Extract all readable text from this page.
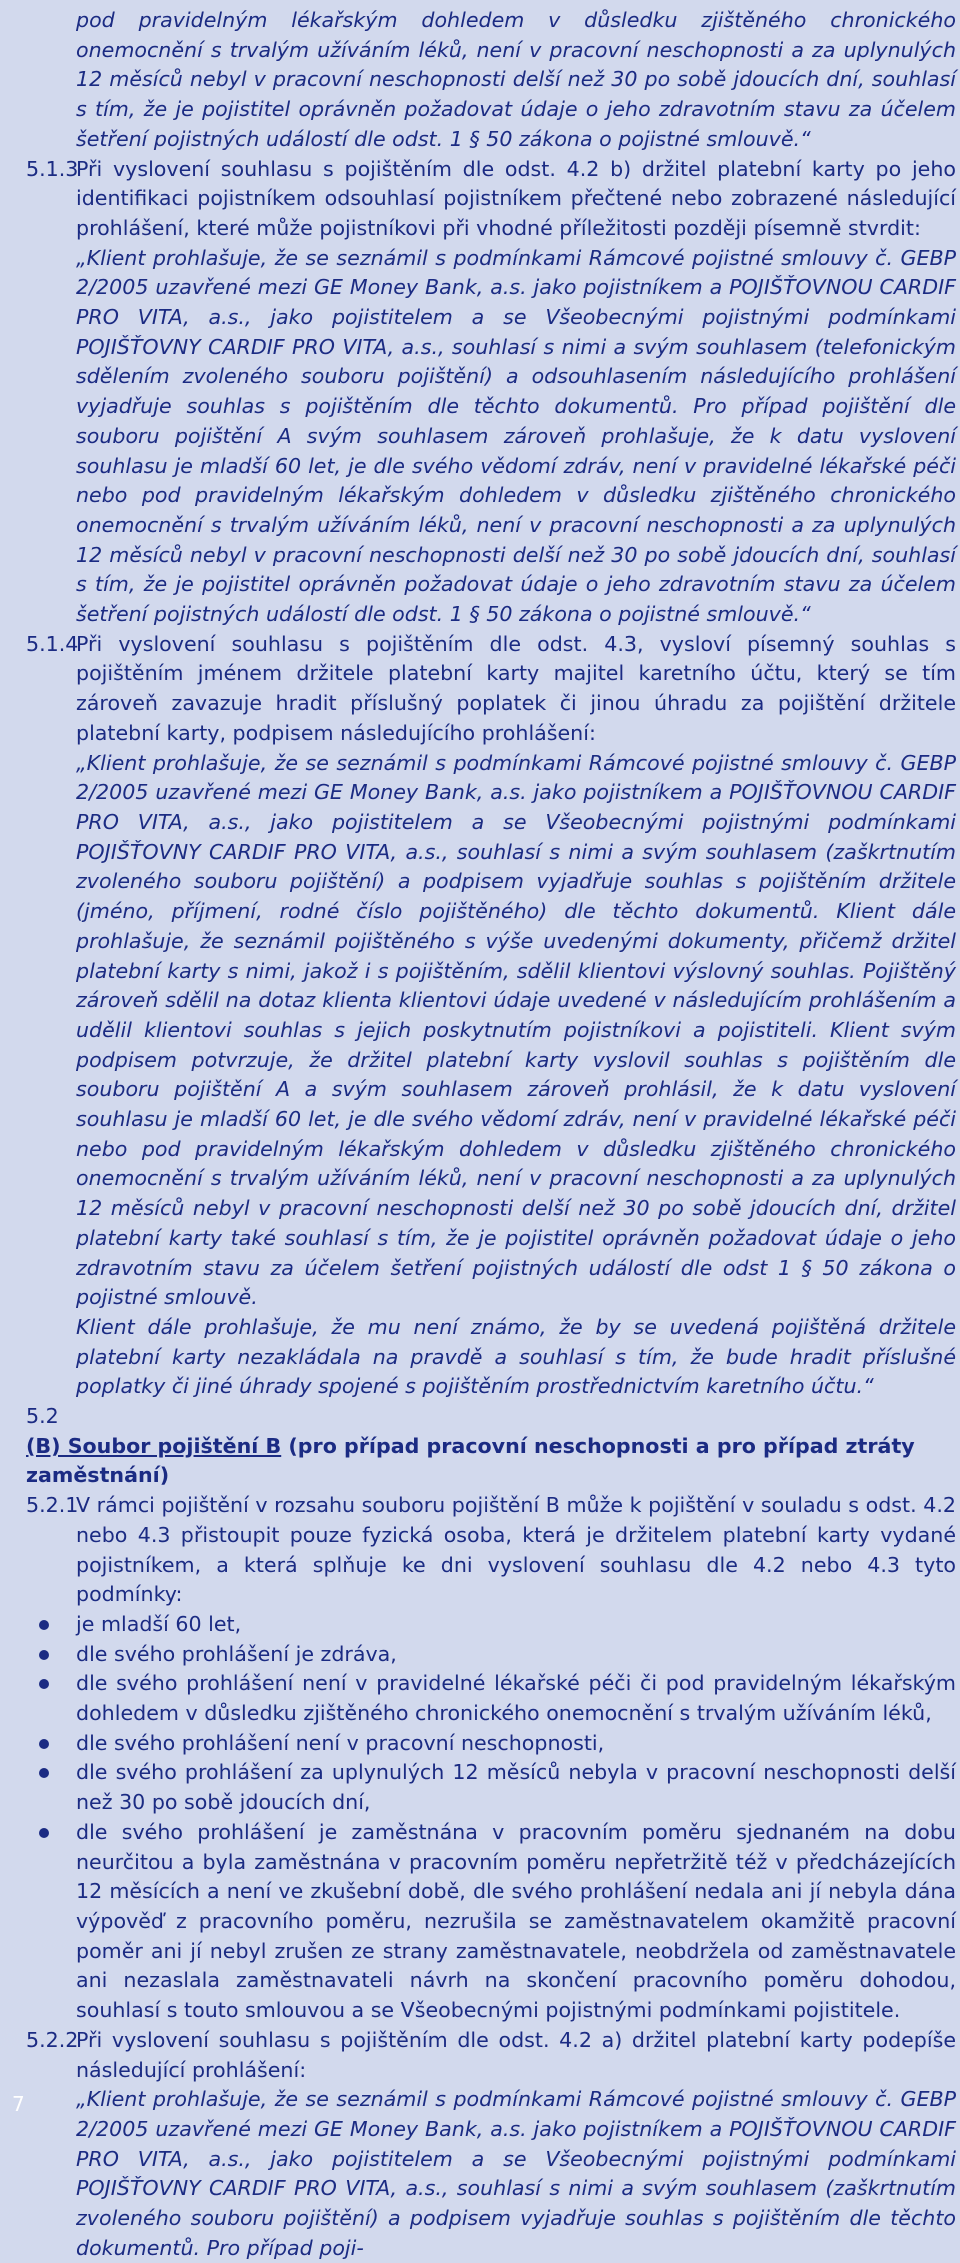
pod pravidelným lékařským dohledem v důsledku zjištěného chronického onemocnění s trvalým užíváním léků, není v pracovní neschopnosti a za uplynulých 12 měsíců nebyl v pracovní neschopnosti delší než 30 po sobě jdoucích dní, souhlasí s tím, že je pojistitel oprávněn požadovat údaje o jeho zdravotním stavu za účelem šetření pojistných událostí dle odst. 1 § 50 zákona o pojistné smlouvě.“

5.1.3
Při vyslovení souhlasu s pojištěním dle odst. 4.2 b) držitel platební karty po jeho identifikaci pojistníkem odsouhlasí pojistníkem přečtené nebo zobrazené následující prohlášení, které může pojistníkovi při vhodné příležitosti později písemně stvrdit:

„Klient prohlašuje, že se seznámil s podmínkami Rámcové pojistné smlouvy č. GEBP 2/2005 uzavřené mezi GE Money Bank, a.s. jako pojistníkem a POJIŠŤOVNOU CARDIF PRO VITA, a.s., jako pojistitelem a se Všeobecnými pojistnými podmínkami POJIŠŤOVNY CARDIF PRO VITA, a.s., souhlasí s nimi a svým souhlasem (telefonickým sdělením zvoleného souboru pojištění) a odsouhlasením následujícího prohlášení vyjadřuje souhlas s pojištěním dle těchto dokumentů. Pro případ pojištění dle souboru pojištění A svým souhlasem zároveň prohlašuje, že k datu vyslovení souhlasu je mladší 60 let, je dle svého vědomí zdráv, není v pravidelné lékařské péči nebo pod pravidelným lékařským dohledem v důsledku zjištěného chronického onemocnění s trvalým užíváním léků, není v pracovní neschopnosti a za uplynulých 12 měsíců nebyl v pracovní neschopnosti delší než 30 po sobě jdoucích dní, souhlasí s tím, že je pojistitel oprávněn požadovat údaje o jeho zdravotním stavu za účelem šetření pojistných událostí dle odst. 1 § 50 zákona o pojistné smlouvě.“

5.1.4
Při vyslovení souhlasu s pojištěním dle odst. 4.3, vysloví písemný souhlas s pojištěním jménem držitele platební karty majitel karetního účtu, který se tím zároveň zavazuje hradit příslušný poplatek či jinou úhradu za pojištění držitele platební karty, podpisem následujícího prohlášení:

„Klient prohlašuje, že se seznámil s podmínkami Rámcové pojistné smlouvy č. GEBP 2/2005 uzavřené mezi GE Money Bank, a.s. jako pojistníkem a POJIŠŤOVNOU CARDIF PRO VITA, a.s., jako pojistitelem a se Všeobecnými pojistnými podmínkami POJIŠŤOVNY CARDIF PRO VITA, a.s., souhlasí s nimi a svým souhlasem (zaškrtnutím zvoleného souboru pojištění) a podpisem vyjadřuje souhlas s pojištěním držitele (jméno, příjmení, rodné číslo pojištěného) dle těchto dokumentů. Klient dále prohlašuje, že seznámil pojištěného s výše uvedenými dokumenty, přičemž držitel platební karty s nimi, jakož i s pojištěním, sdělil klientovi výslovný souhlas. Pojištěný zároveň sdělil na dotaz klienta klientovi údaje uvedené v následujícím prohlášením a udělil klientovi souhlas s jejich poskytnutím pojistníkovi a pojistiteli. Klient svým podpisem potvrzuje, že držitel platební karty vyslovil souhlas s pojištěním dle souboru pojištění A a svým souhlasem zároveň prohlásil, že k datu vyslovení souhlasu je mladší 60 let, je dle svého vědomí zdráv, není v pravidelné lékařské péči nebo pod pravidelným lékařským dohledem v důsledku zjištěného chronického onemocnění s trvalým užíváním léků, není v pracovní neschopnosti a za uplynulých 12 měsíců nebyl v pracovní neschopnosti delší než 30 po sobě jdoucích dní, držitel platební karty také souhlasí s tím, že je pojistitel oprávněn požadovat údaje o jeho zdravotním stavu za účelem šetření pojistných událostí dle odst 1 § 50 zákona o pojistné smlouvě.

Klient dále prohlašuje, že mu není známo, že by se uvedená pojištěná držitele platební karty nezakládala na pravdě a souhlasí s tím, že bude hradit příslušné poplatky či jiné úhrady spojené s pojištěním prostřednictvím karetního účtu.“

5.2
(B) Soubor pojištění B (pro případ pracovní neschopnosti a pro případ ztráty zaměstnání)
5.2.1
V rámci pojištění v rozsahu souboru pojištění B může k pojištění v souladu s odst. 4.2 nebo 4.3 přistoupit pouze fyzická osoba, která je držitelem platební karty vydané pojistníkem, a která splňuje ke dni vyslovení souhlasu dle 4.2 nebo 4.3 tyto podmínky:
je mladší 60 let,
dle svého prohlášení je zdráva,
dle svého prohlášení není v pravidelné lékařské péči či pod pravidelným lékařským dohledem v důsledku zjištěného chronického onemocnění s trvalým užíváním léků,
dle svého prohlášení není v pracovní neschopnosti,
dle svého prohlášení za uplynulých 12 měsíců nebyla v pracovní neschopnosti delší než 30 po sobě jdoucích dní,
dle svého prohlášení je zaměstnána v pracovním poměru sjednaném na dobu neurčitou a byla zaměstnána v pracovním poměru nepřetržitě též v předcházejících 12 měsících a není ve zkušební době, dle svého prohlášení nedala ani jí nebyla dána výpověď z pracovního poměru, nezrušila se zaměstnavatelem okamžitě pracovní poměr ani jí nebyl zrušen ze strany zaměstnavatele, neobdržela od zaměstnavatele ani nezaslala zaměstnavateli návrh na skončení pracovního poměru dohodou, souhlasí s touto smlouvou a se Všeobecnými pojistnými podmínkami pojistitele.
5.2.2
Při vyslovení souhlasu s pojištěním dle odst. 4.2 a) držitel platební karty podepíše následující prohlášení:

„Klient prohlašuje, že se seznámil s podmínkami Rámcové pojistné smlouvy č. GEBP 2/2005 uzavřené mezi GE Money Bank, a.s. jako pojistníkem a POJIŠŤOVNOU CARDIF PRO VITA, a.s., jako pojistitelem a se Všeobecnými pojistnými podmínkami POJIŠŤOVNY CARDIF PRO VITA, a.s., souhlasí s nimi a svým souhlasem (zaškrtnutím zvoleného souboru pojištění) a podpisem vyjadřuje souhlas s pojištěním dle těchto dokumentů. Pro případ poji-

7
